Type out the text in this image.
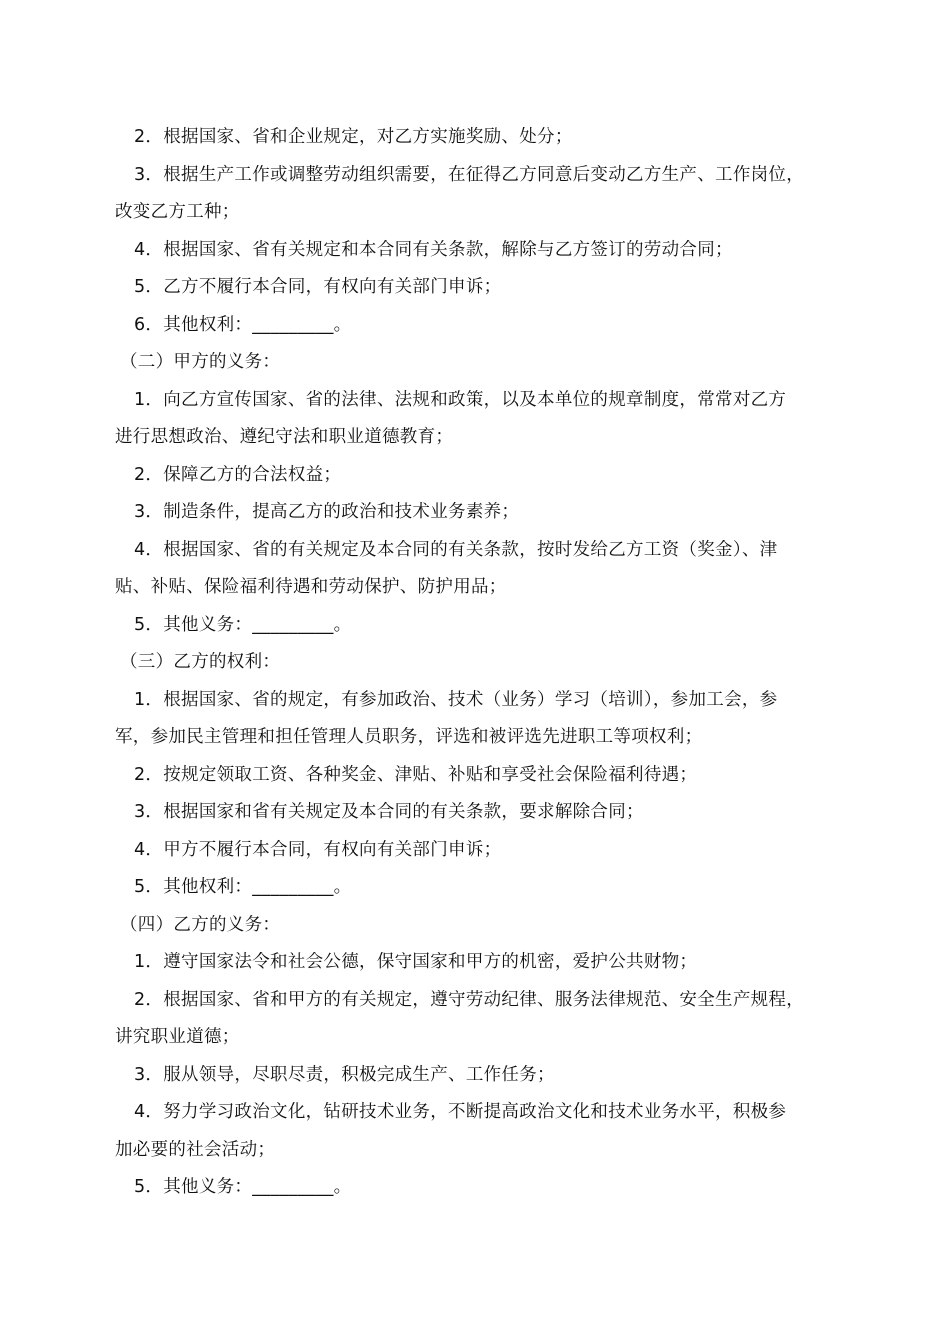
2．根据国家、省和企业规定，对乙方实施奖励、处分；
3．根据生产工作或调整劳动组织需要，在征得乙方同意后变动乙方生产、工作岗位，
改变乙方工种；
4．根据国家、省有关规定和本合同有关条款，解除与乙方签订的劳动合同；
5．乙方不履行本合同，有权向有关部门申诉；
6．其他权利：_________。
（二）甲方的义务：
1．向乙方宣传国家、省的法律、法规和政策，以及本单位的规章制度，常常对乙方
进行思想政治、遵纪守法和职业道德教育；
2．保障乙方的合法权益；
3．制造条件，提高乙方的政治和技术业务素养；
4．根据国家、省的有关规定及本合同的有关条款，按时发给乙方工资（奖金）、津
贴、补贴、保险福利待遇和劳动保护、防护用品；
5．其他义务：_________。
（三）乙方的权利：
1．根据国家、省的规定，有参加政治、技术（业务）学习（培训），参加工会，参
军，参加民主管理和担任管理人员职务，评选和被评选先进职工等项权利；
2．按规定领取工资、各种奖金、津贴、补贴和享受社会保险福利待遇；
3．根据国家和省有关规定及本合同的有关条款，要求解除合同；
4．甲方不履行本合同，有权向有关部门申诉；
5．其他权利：_________。
（四）乙方的义务：
1．遵守国家法令和社会公德，保守国家和甲方的机密，爱护公共财物；
2．根据国家、省和甲方的有关规定，遵守劳动纪律、服务法律规范、安全生产规程，
讲究职业道德；
3．服从领导，尽职尽责，积极完成生产、工作任务；
4．努力学习政治文化，钻研技术业务，不断提高政治文化和技术业务水平，积极参
加必要的社会活动；
5．其他义务：_________。
